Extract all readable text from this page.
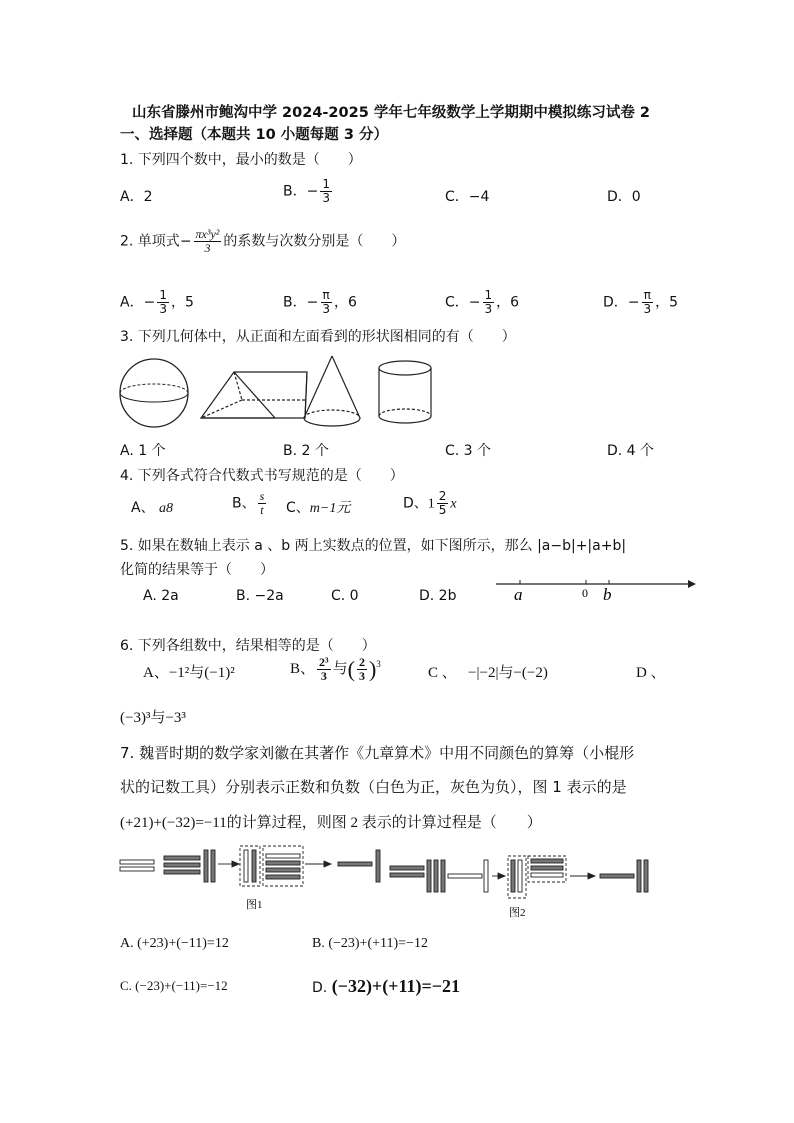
山东省滕州市鲍沟中学 2024-2025 学年七年级数学上学期期中模拟练习试卷 2
一、选择题（本题共 10 小题每题 3 分）
1. 下列四个数中，最小的数是（　　）
A．2	B．− $\frac{1}{3}$	C．−4	D．0
2. 单项式− $\frac{\text{πx³y²}}{3}$ 的系数与次数分别是（　　）
A．− $\frac{1}{3}$ ，5	B．− $\frac{\pi}{3}$ ，6	C．− $\frac{1}{3}$ ，6	D．− $\frac{\pi}{3}$ ，5
3. 下列几何体中，从正面和左面看到的形状图相同的有（　　）
A. 1 个	B. 2 个	C. 3 个	D. 4 个
4. 下列各式符合代数式书写规范的是（　　）
A、 a8	B、 $\frac{s}{t}$ C、m−1元	D、$1 \frac{2}{5}$ x
5. 如果在数轴上表示 a 、b 两上实数点的位置，如下图所示，那么 |a−b|+|a+b|
化简的结果等于（　　）
A. 2a	B. −2a	C. 0	D. 2b	a	0 b
6. 下列各组数中，结果相等的是（　　）
A、−1²与(−1)²	B、 $\frac{\text{2³}}{3}$ 与( $\frac{2}{3} )^3$
C 、 −|−2|与−(−2)	D 、
(−3)³与−3³
7. 魏晋时期的数学家刘徽在其著作《九章算术》中用不同颜色的算筹（小棍形
状的记数工具）分别表示正数和负数（白色为正，灰色为负），图 1 表示的是
(+21)+(−32)=−11的计算过程，则图 2 表示的计算过程是（　　）
图1
图2
A. (+23)+(−11)=12	B. (−23)+(+11)=−12
C. (−23)+(−11)=−12	D. (−32)+(+11)=−21
